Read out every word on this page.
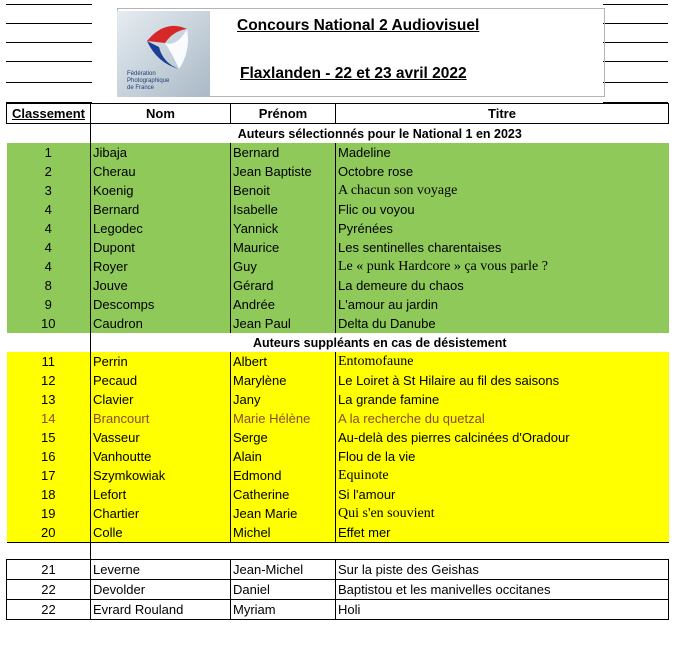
Fédération
Photographique
de France
Concours National 2 Audiovisuel
Flaxlanden - 22 et 23 avril 2022
Classement	Nom	Prénom	Titre
	Auteurs sélectionnés pour le National 1 en 2023		
1	Jibaja	Bernard	Madeline
2	Cherau	Jean Baptiste	Octobre rose
3	Koenig	Benoit	A chacun son voyage
4	Bernard	Isabelle	Flic ou voyou
4	Legodec	Yannick	Pyrénées
4	Dupont	Maurice	Les sentinelles charentaises
4	Royer	Guy	Le « punk Hardcore » ça vous parle ?
8	Jouve	Gérard	La demeure du chaos
9	Descomps	Andrée	L'amour au jardin
10	Caudron	Jean Paul	Delta du Danube
	Auteurs suppléants en cas de désistement		
11	Perrin	Albert	Entomofaune
12	Pecaud	Marylène	Le Loiret à St Hilaire au fil des saisons
13	Clavier	Jany	La grande famine
14	Brancourt	Marie Hélène	A la recherche du quetzal
15	Vasseur	Serge	Au-delà des pierres calcinées d'Oradour
16	Vanhoutte	Alain	Flou de la vie
17	Szymkowiak	Edmond	Equinote
18	Lefort	Catherine	Si l'amour
19	Chartier	Jean Marie	Qui s'en souvient
20	Colle	Michel	Effet mer

21	Leverne	Jean-Michel	Sur la piste des Geishas
22	Devolder	Daniel	Baptistou et les manivelles occitanes
22	Evrard Rouland	Myriam	Holi
